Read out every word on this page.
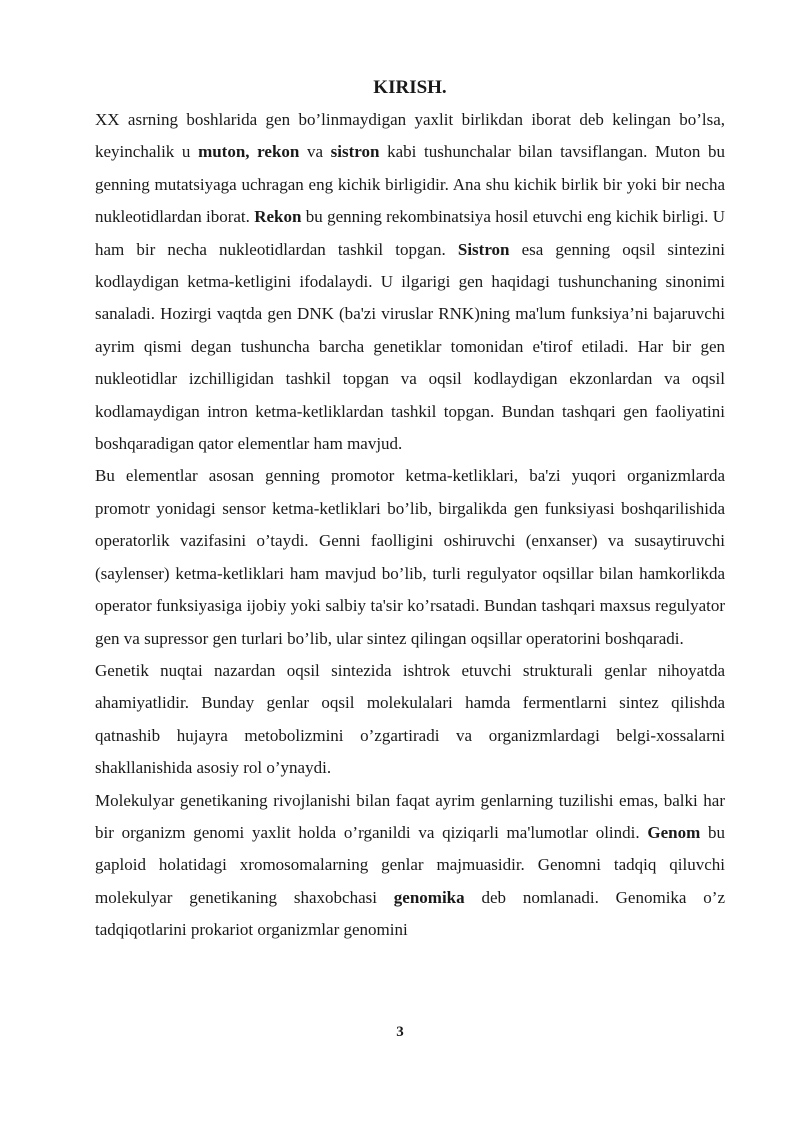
KIRISH.

XX asrning boshlarida gen bo’linmaydigan yaxlit birlikdan iborat deb kelingan bo’lsa, keyinchalik u muton, rekon va sistron kabi tushunchalar bilan tavsiflangan. Muton bu genning mutatsiyaga uchragan eng kichik birligidir. Ana shu kichik birlik bir yoki bir necha nukleotidlardan iborat. Rekon bu genning rekombinatsiya hosil etuvchi eng kichik birligi. U ham bir necha nukleotidlardan tashkil topgan. Sistron esa genning oqsil sintezini kodlaydigan ketma-ketligini ifodalaydi. U ilgarigi gen haqidagi tushunchaning sinonimi sanaladi. Hozirgi vaqtda gen DNK (ba'zi viruslar RNK)ning ma'lum funksiya’ni bajaruvchi ayrim qismi degan tushuncha barcha genetiklar tomonidan e'tirof etiladi. Har bir gen nukleotidlar izchilligidan tashkil topgan va oqsil kodlaydigan ekzonlardan va oqsil kodlamaydigan intron ketma-ketliklardan tashkil topgan. Bundan tashqari gen faoliyatini boshqaradigan qator elementlar ham mavjud.

Bu elementlar asosan genning promotor ketma-ketliklari, ba'zi yuqori organizmlarda promotr yonidagi sensor ketma-ketliklari bo’lib, birgalikda gen funksiyasi boshqarilishida operatorlik vazifasini o’taydi. Genni faolligini oshiruvchi (enxanser) va susaytiruvchi (saylenser) ketma-ketliklari ham mavjud bo’lib, turli regulyator oqsillar bilan hamkorlikda operator funksiyasiga ijobiy yoki salbiy ta'sir ko’rsatadi. Bundan tashqari maxsus regulyator gen va supressor gen turlari bo’lib, ular sintez qilingan oqsillar operatorini boshqaradi.

Genetik nuqtai nazardan oqsil sintezida ishtrok etuvchi strukturali genlar nihoyatda ahamiyatlidir. Bunday genlar oqsil molekulalari hamda fermentlarni sintez qilishda qatnashib hujayra metobolizmini o’zgartiradi va organizmlardagi belgi-xossalarni shakllanishida asosiy rol o’ynaydi.

Molekulyar genetikaning rivojlanishi bilan faqat ayrim genlarning tuzilishi emas, balki har bir organizm genomi yaxlit holda o’rganildi va qiziqarli ma'lumotlar olindi. Genom bu gaploid holatidagi xromosomalarning genlar majmuasidir. Genomni tadqiq qiluvchi molekulyar genetikaning shaxobchasi genomika deb nomlanadi. Genomika o’z tadqiqotlarini prokariot organizmlar genomini

3
